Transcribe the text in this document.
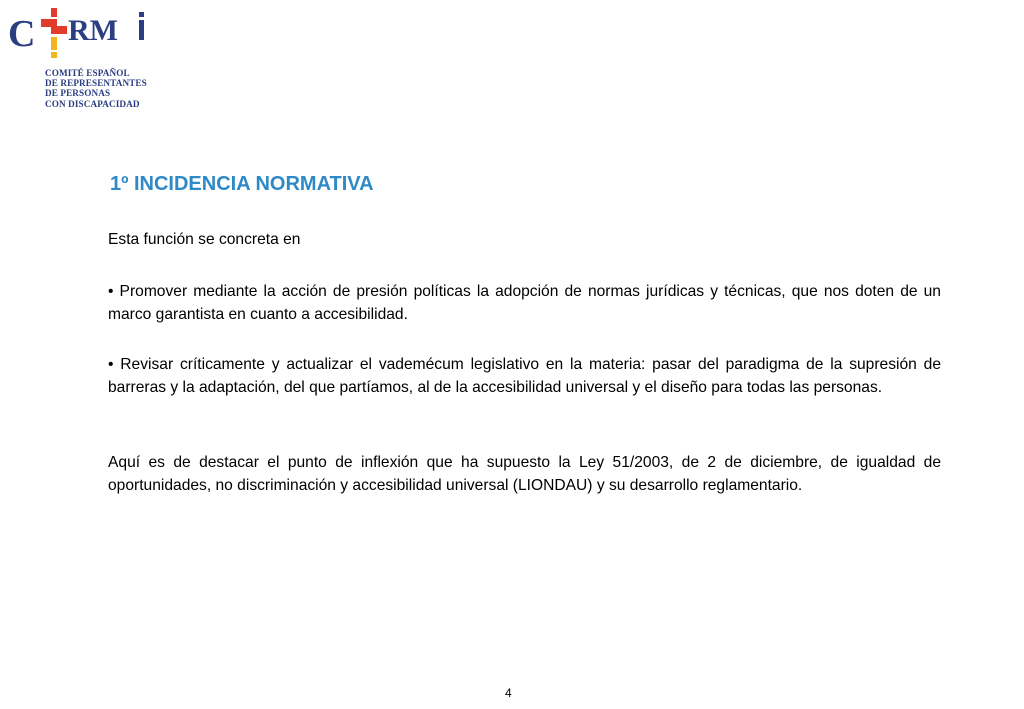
C RM
COMITÉ ESPAÑOL
DE REPRESENTANTES
DE PERSONAS
CON DISCAPACIDAD
1º INCIDENCIA NORMATIVA
Esta función se concreta en
• Promover mediante la acción de presión políticas la adopción de normas jurídicas y técnicas, que nos doten de un marco garantista en cuanto a accesibilidad.
• Revisar críticamente y actualizar el vademécum legislativo en la materia: pasar del paradigma de la supresión de barreras y la adaptación, del que partíamos, al de la accesibilidad universal y el diseño para todas las personas.
Aquí es de destacar el punto de inflexión que ha supuesto la Ley 51/2003, de 2 de diciembre, de igualdad de oportunidades, no discriminación y accesibilidad universal (LIONDAU) y su desarrollo reglamentario.
4
